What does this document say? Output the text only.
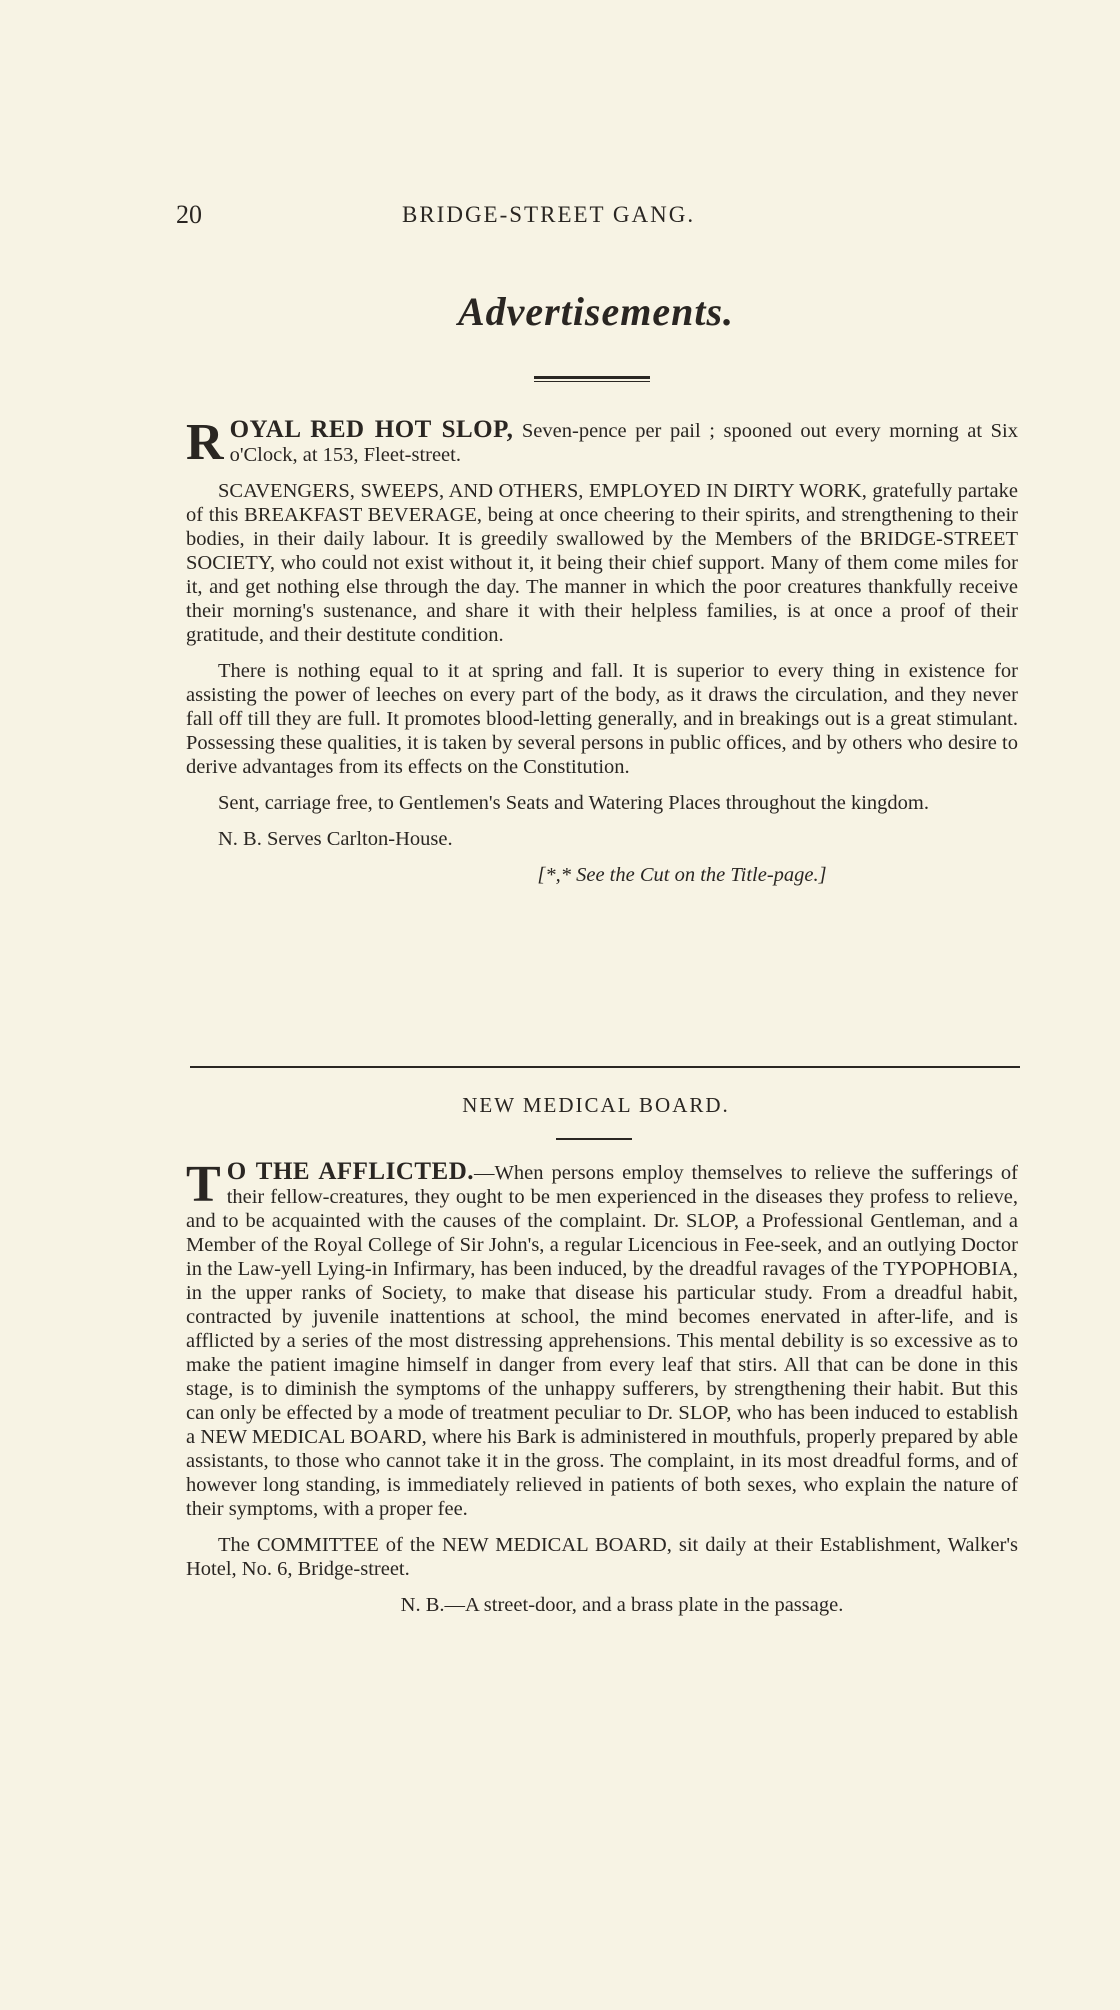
20	BRIDGE-STREET GANG.
Advertisements.

ROYAL RED HOT SLOP, Seven-pence per pail ; spooned out every morning at Six o'Clock, at 153, Fleet-street.

SCAVENGERS, SWEEPS, AND OTHERS, EMPLOYED IN DIRTY WORK, gratefully partake of this BREAKFAST BEVERAGE, being at once cheering to their spirits, and strengthening to their bodies, in their daily labour. It is greedily swallowed by the Members of the BRIDGE-STREET SOCIETY, who could not exist without it, it being their chief support. Many of them come miles for it, and get nothing else through the day. The manner in which the poor creatures thankfully receive their morning's sustenance, and share it with their helpless families, is at once a proof of their gratitude, and their destitute condition.

There is nothing equal to it at spring and fall. It is superior to every thing in existence for assisting the power of leeches on every part of the body, as it draws the circulation, and they never fall off till they are full. It promotes blood-letting generally, and in breakings out is a great stimulant. Possessing these qualities, it is taken by several persons in public offices, and by others who desire to derive advantages from its effects on the Constitution.

Sent, carriage free, to Gentlemen's Seats and Watering Places throughout the kingdom.

N. B. Serves Carlton-House.

[*,* See the Cut on the Title-page.]

NEW MEDICAL BOARD.

T O THE AFFLICTED.—When persons employ themselves to relieve the sufferings of their fellow-creatures, they ought to be men experienced in the diseases they profess to relieve, and to be acquainted with the causes of the complaint. Dr. SLOP, a Professional Gentleman, and a Member of the Royal College of Sir John's, a regular Licencious in Fee-seek, and an outlying Doctor in the Law-yell Lying-in Infirmary, has been induced, by the dreadful ravages of the TYPOPHOBIA, in the upper ranks of Society, to make that disease his particular study. From a dreadful habit, contracted by juvenile inattentions at school, the mind becomes enervated in after-life, and is afflicted by a series of the most distressing apprehensions. This mental debility is so excessive as to make the patient imagine himself in danger from every leaf that stirs. All that can be done in this stage, is to diminish the symptoms of the unhappy sufferers, by strengthening their habit. But this can only be effected by a mode of treatment peculiar to Dr. SLOP, who has been induced to establish a NEW MEDICAL BOARD, where his Bark is administered in mouthfuls, properly prepared by able assistants, to those who cannot take it in the gross. The complaint, in its most dreadful forms, and of however long standing, is immediately relieved in patients of both sexes, who explain the nature of their symptoms, with a proper fee.

The COMMITTEE of the NEW MEDICAL BOARD, sit daily at their Establishment, Walker's Hotel, No. 6, Bridge-street.

N. B.—A street-door, and a brass plate in the passage.
